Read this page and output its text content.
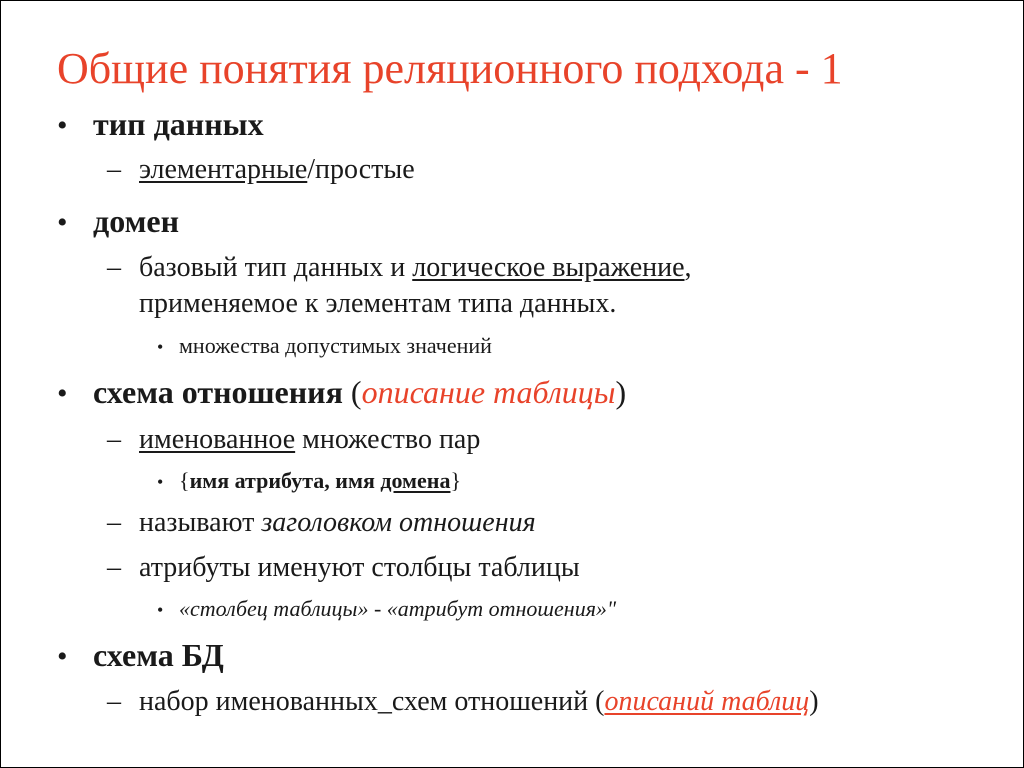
Общие понятия реляционного подхода - 1
• тип данных
– элементарные/простые
• домен
– базовый тип данных и логическое выражение,
применяемое к элементам типа данных.
• множества допустимых значений
• схема отношения (описание таблицы)
– именованное множество пар
• {имя атрибута, имя домена}
– называют заголовком отношения
– атрибуты именуют столбцы таблицы
• «столбец таблицы» - «атрибут отношения»"
• схема БД
– набор именованных_схем отношений (описаний таблиц)
